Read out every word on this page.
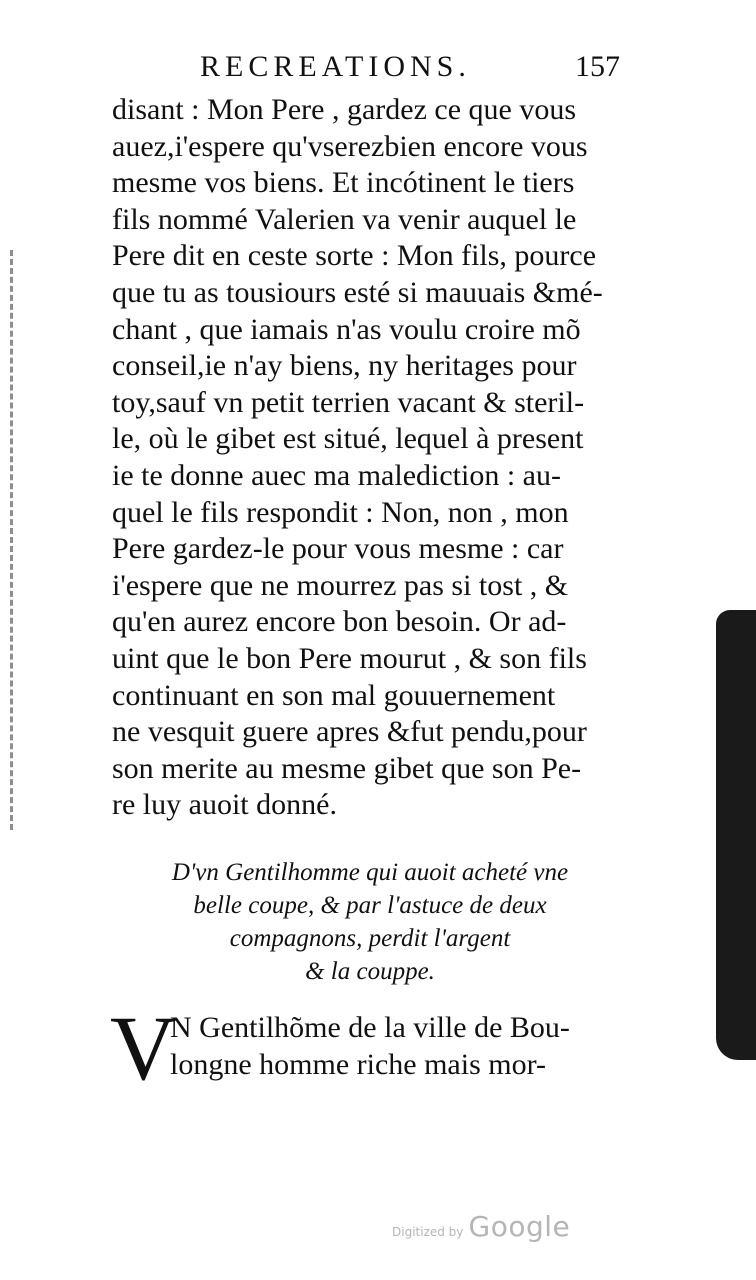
RECREATIONS.	157
disant : Mon Pere , gardez ce que vous
auez,i'espere qu'vserezbien encore vous
mesme vos biens. Et incótinent le tiers
fils nommé Valerien va venir auquel le
Pere dit en ceste sorte : Mon fils, pource
que tu as tousiours esté si mauuais &mé-
chant , que iamais n'as voulu croire mõ
conseil,ie n'ay biens, ny heritages pour
toy,sauf vn petit terrien vacant & steril-
le, où le gibet est situé, lequel à present
ie te donne auec ma malediction : au-
quel le fils respondit : Non, non , mon
Pere gardez-le pour vous mesme : car
i'espere que ne mourrez pas si tost , &
qu'en aurez encore bon besoin. Or ad-
uint que le bon Pere mourut , & son fils
continuant en son mal gouuernement
ne vesquit guere apres &fut pendu,pour
son merite au mesme gibet que son Pe-
re luy auoit donné.
D'vn Gentilhomme qui auoit acheté vne
belle coupe, & par l'astuce de deux
compagnons, perdit l'argent
& la couppe.
V
N Gentilhõme de la ville de Bou-
longne homme riche mais mor-
Digitized by Google
